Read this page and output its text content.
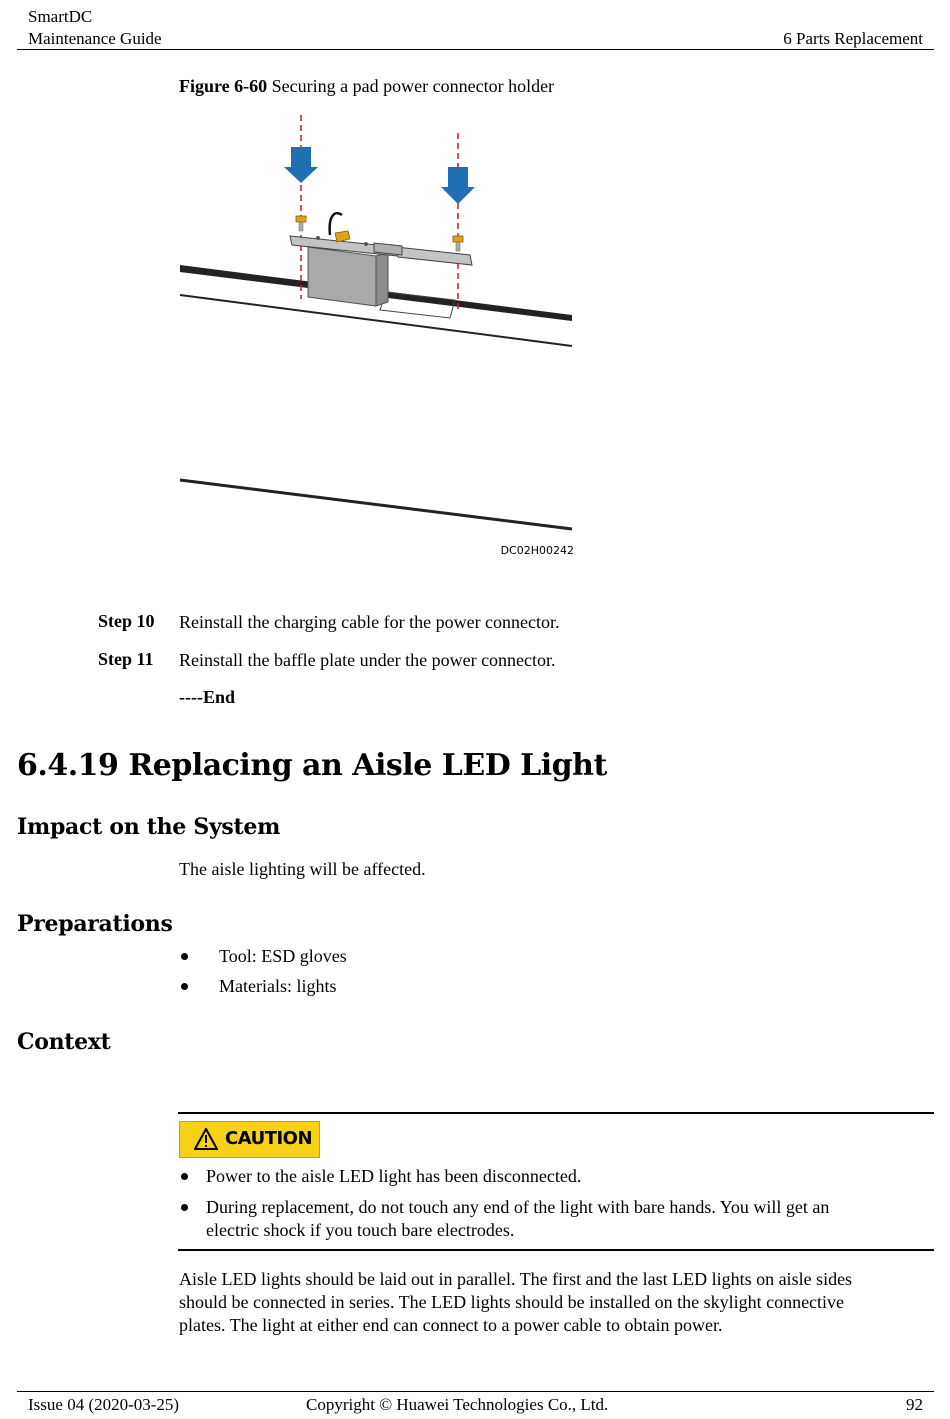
SmartDC
Maintenance Guide	6 Parts Replacement
Figure 6-60 Securing a pad power connector holder
DC02H00242
Step 10 Reinstall the charging cable for the power connector.
Step 11 Reinstall the baffle plate under the power connector.
----End
6.4.19 Replacing an Aisle LED Light
Impact on the System
The aisle lighting will be affected.
Preparations
Tool: ESD gloves
Materials: lights
Context
CAUTION
Power to the aisle LED light has been disconnected.
During replacement, do not touch any end of the light with bare hands. You will get an
electric shock if you touch bare electrodes.
Aisle LED lights should be laid out in parallel. The first and the last LED lights on aisle sides
should be connected in series. The LED lights should be installed on the skylight connective
plates. The light at either end can connect to a power cable to obtain power.
Issue 04 (2020-03-25)	Copyright © Huawei Technologies Co., Ltd.	92
